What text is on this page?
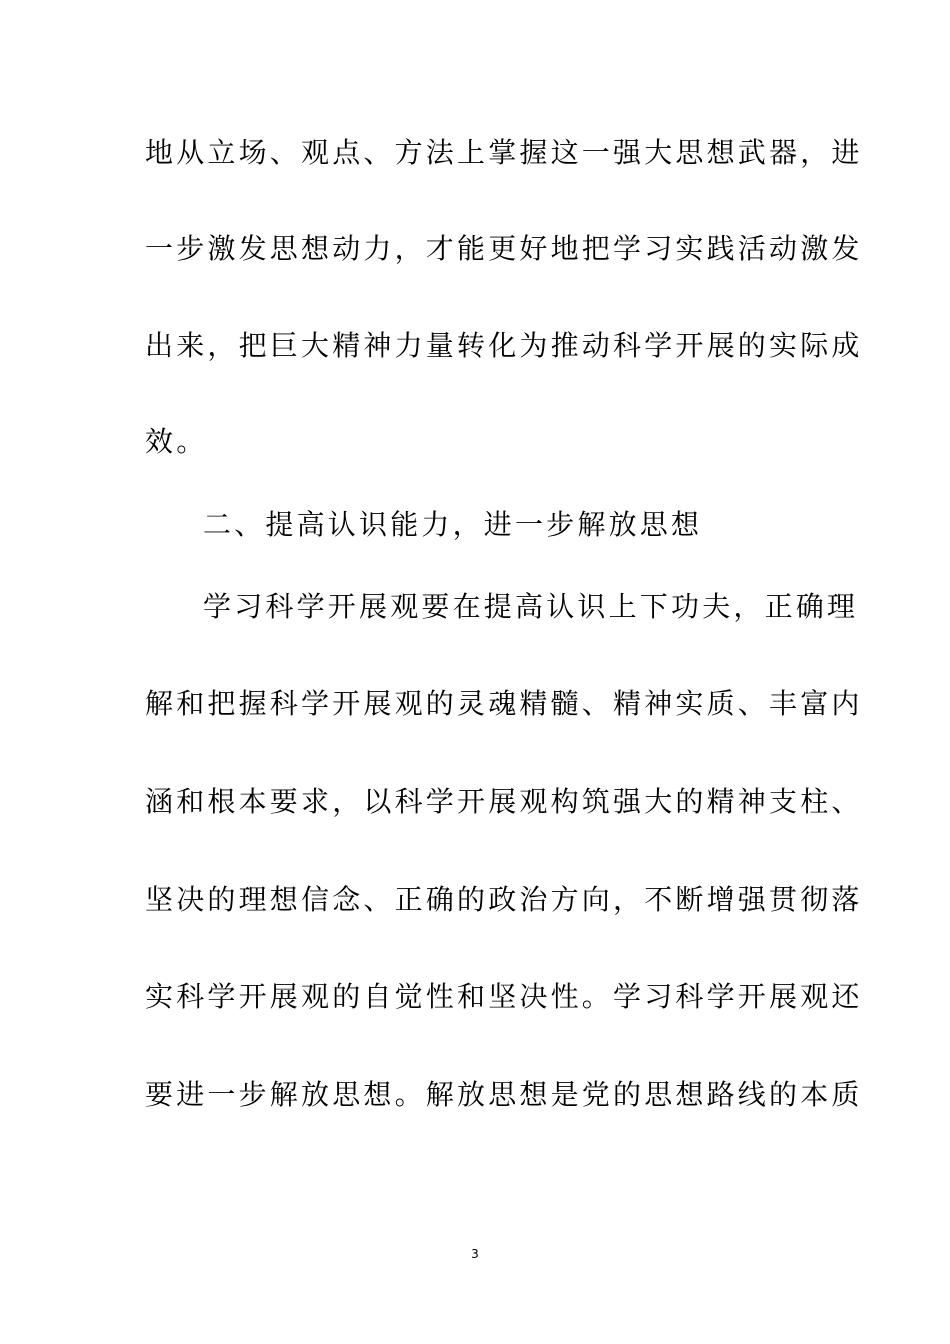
地从立场、观点、方法上掌握这一强大思想武器，进
一步激发思想动力，才能更好地把学习实践活动激发
出来，把巨大精神力量转化为推动科学开展的实际成
效。
二、提高认识能力，进一步解放思想
学习科学开展观要在提高认识上下功夫，正确理
解和把握科学开展观的灵魂精髓、精神实质、丰富内
涵和根本要求，以科学开展观构筑强大的精神支柱、
坚决的理想信念、正确的政治方向，不断增强贯彻落
实科学开展观的自觉性和坚决性。学习科学开展观还
要进一步解放思想。解放思想是党的思想路线的本质
3
